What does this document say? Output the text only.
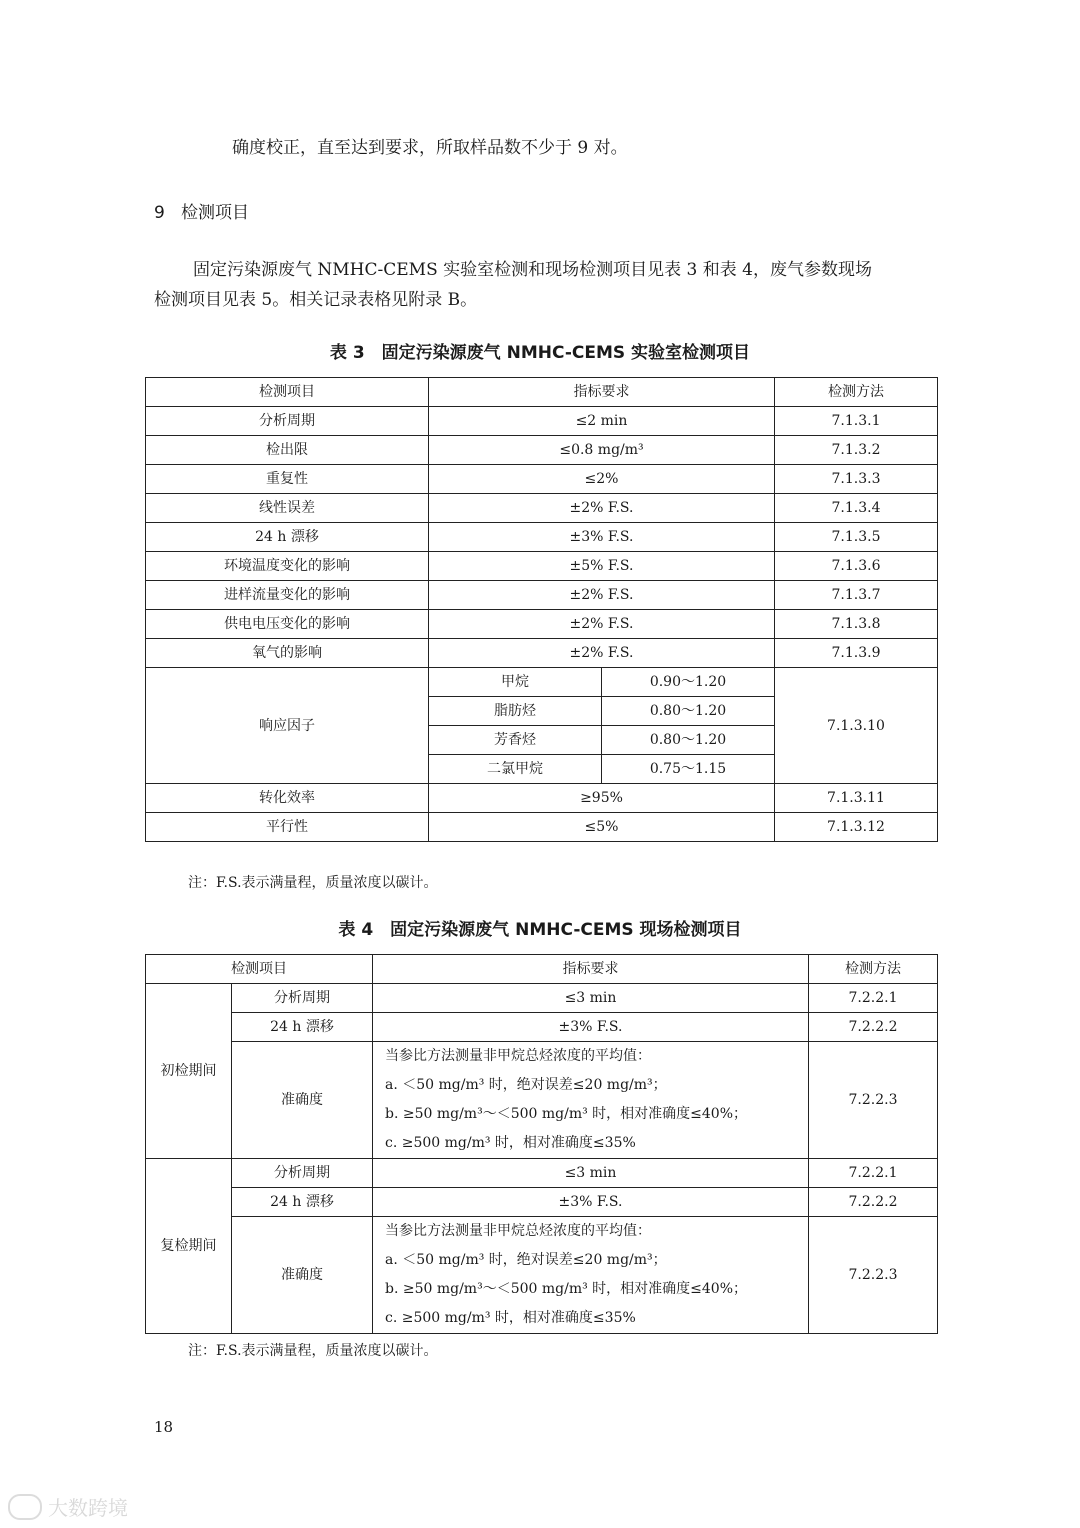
确度校正，直至达到要求，所取样品数不少于 9 对。

9 检测项目

固定污染源废气 NMHC-CEMS 实验室检测和现场检测项目见表 3 和表 4，废气参数现场

检测项目见表 5。相关记录表格见附录 B。

表 3　固定污染源废气 NMHC-CEMS 实验室检测项目
检测项目	指标要求		检测方法
分析周期	≤2 min		7.1.3.1
检出限	≤0.8 mg/m³		7.1.3.2
重复性	≤2%		7.1.3.3
线性误差	±2% F.S.		7.1.3.4
24 h 漂移	±3% F.S.		7.1.3.5
环境温度变化的影响	±5% F.S.		7.1.3.6
进样流量变化的影响	±2% F.S.		7.1.3.7
供电电压变化的影响	±2% F.S.		7.1.3.8
氧气的影响	±2% F.S.		7.1.3.9
响应因子	甲烷	0.90～1.20	7.1.3.10
	脂肪烃	0.80～1.20	
	芳香烃	0.80～1.20	
	二氯甲烷	0.75～1.15	
转化效率	≥95%		7.1.3.11
平行性	≤5%		7.1.3.12
注：F.S.表示满量程，质量浓度以碳计。
表 4　固定污染源废气 NMHC-CEMS 现场检测项目
检测项目		指标要求	检测方法
初检期间	分析周期	≤3 min	7.2.2.1
	24 h 漂移	±3% F.S.	7.2.2.2
	准确度	当参比方法测量非甲烷总烃浓度的平均值：
a. ＜50 mg/m³ 时，绝对误差≤20 mg/m³；
b. ≥50 mg/m³～＜500 mg/m³ 时，相对准确度≤40%；
c. ≥500 mg/m³ 时，相对准确度≤35%	7.2.2.3
复检期间	分析周期	≤3 min	7.2.2.1
	24 h 漂移	±3% F.S.	7.2.2.2
	准确度	当参比方法测量非甲烷总烃浓度的平均值：
a. ＜50 mg/m³ 时，绝对误差≤20 mg/m³；
b. ≥50 mg/m³～＜500 mg/m³ 时，相对准确度≤40%；
c. ≥500 mg/m³ 时，相对准确度≤35%	7.2.2.3
注：F.S.表示满量程，质量浓度以碳计。
18
大数跨境
